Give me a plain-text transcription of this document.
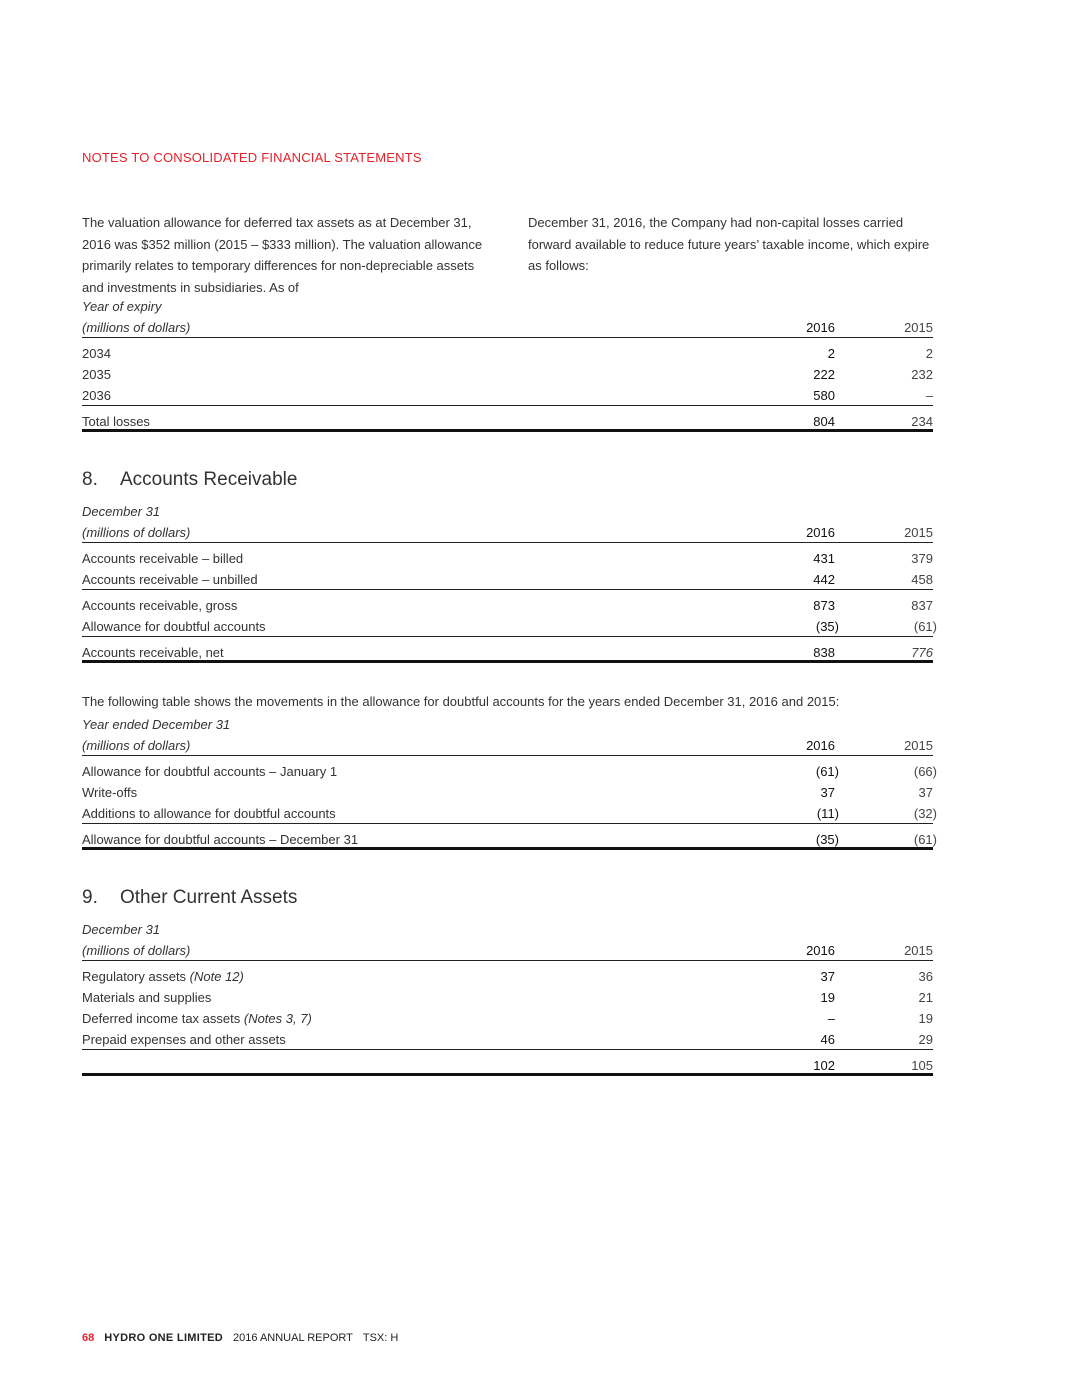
NOTES TO CONSOLIDATED FINANCIAL STATEMENTS
The valuation allowance for deferred tax assets as at December 31, 2016 was $352 million (2015 – $333 million). The valuation allowance primarily relates to temporary differences for non-depreciable assets and investments in subsidiaries. As of
December 31, 2016, the Company had non-capital losses carried forward available to reduce future years’ taxable income, which expire as follows:
Year of expiry
(millions of dollars)	2016	2015
2034	2	2
2035	222	232
2036	580	–
Total losses	804	234
8. Accounts Receivable
December 31
(millions of dollars)	2016	2015
Accounts receivable – billed	431	379
Accounts receivable – unbilled	442	458
Accounts receivable, gross	873	837
Allowance for doubtful accounts	(35)	(61)
Accounts receivable, net	838	776
The following table shows the movements in the allowance for doubtful accounts for the years ended December 31, 2016 and 2015:
Year ended December 31
(millions of dollars)	2016	2015
Allowance for doubtful accounts – January 1	(61)	(66)
Write-offs	37	37
Additions to allowance for doubtful accounts	(11)	(32)
Allowance for doubtful accounts – December 31	(35)	(61)
9. Other Current Assets
December 31
(millions of dollars)	2016	2015
Regulatory assets (Note 12)	37	36
Materials and supplies	19	21
Deferred income tax assets (Notes 3, 7)	–	19
Prepaid expenses and other assets	46	29
102	105
68 HYDRO ONE LIMITED 2016 ANNUAL REPORT TSX: H
